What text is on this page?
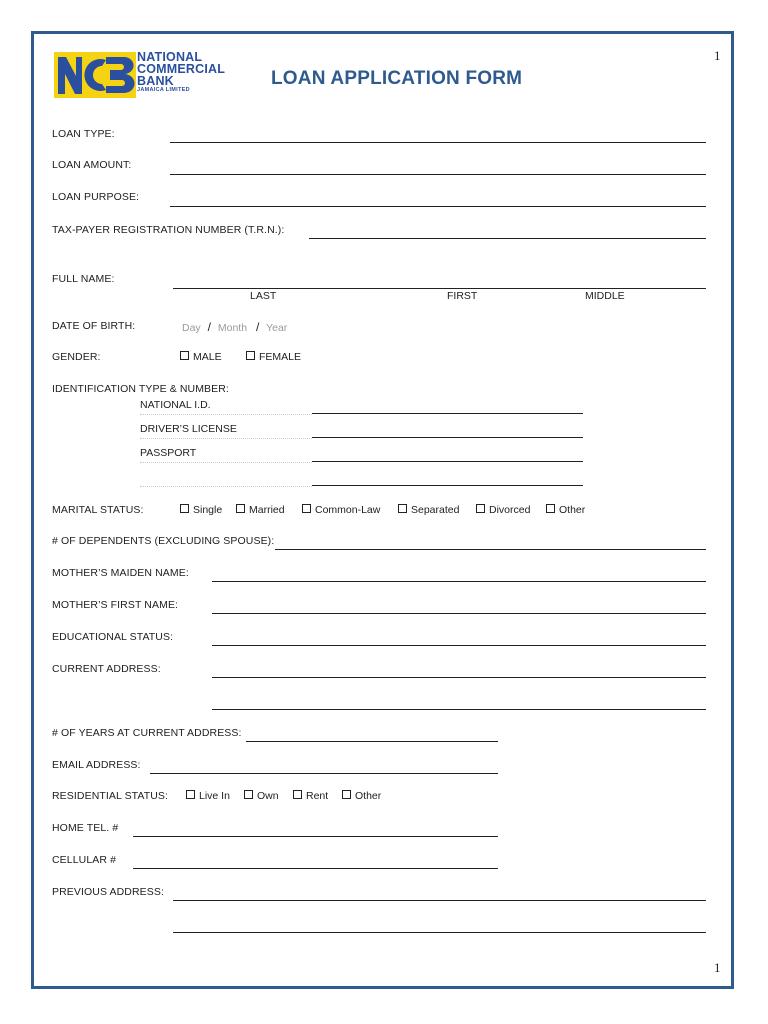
1
1
NATIONAL
COMMERCIAL
BANK
JAMAICA LIMITED
LOAN APPLICATION FORM
LOAN TYPE:
LOAN AMOUNT:
LOAN PURPOSE:
TAX-PAYER REGISTRATION NUMBER (T.R.N.):
FULL NAME:
LAST	FIRST	MIDDLE
DATE OF BIRTH:	Day / Month / Year
GENDER:	MALE	FEMALE
IDENTIFICATION TYPE & NUMBER:
NATIONAL I.D.
DRIVER’S LICENSE
PASSPORT
MARITAL STATUS:	Single	Married	Common-Law	Separated	Divorced	Other
# OF DEPENDENTS (EXCLUDING SPOUSE):
MOTHER’S MAIDEN NAME:
MOTHER’S FIRST NAME:
EDUCATIONAL STATUS:
CURRENT ADDRESS:
# OF YEARS AT CURRENT ADDRESS:
EMAIL ADDRESS:
RESIDENTIAL STATUS:	Live In	Own	Rent	Other
HOME TEL. #
CELLULAR #
PREVIOUS ADDRESS:
